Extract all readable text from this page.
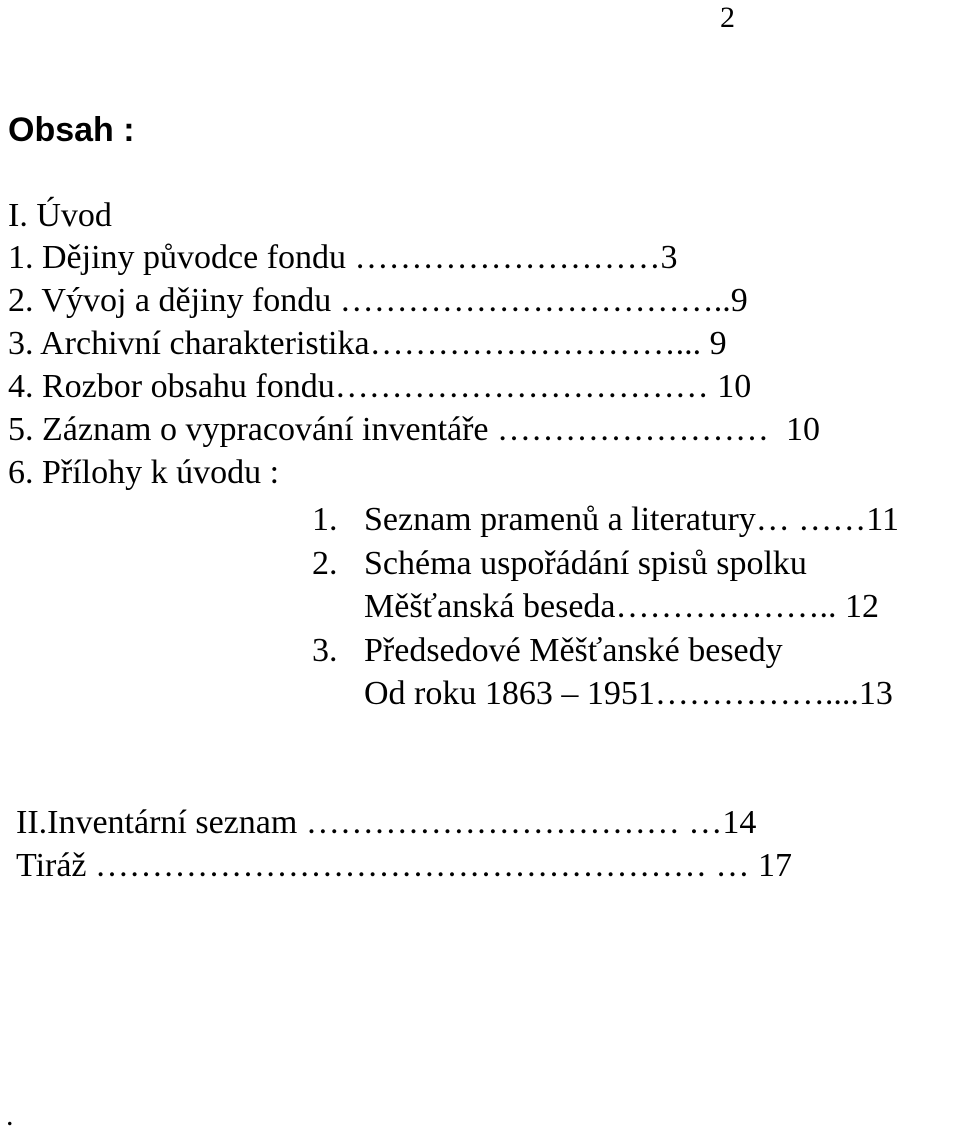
2
Obsah :
I. Úvod
1. Dějiny původce fondu ………………………3
2. Vývoj a dějiny fondu ……………………………..9
3. Archivní charakteristika………………………... 9
4. Rozbor obsahu fondu…………………………… 10
5. Záznam o vypracování inventáře ……………………  10
6. Přílohy k úvodu :
1. Seznam pramenů a literatury… ……11
2. Schéma uspořádání spisů spolku
Měšťanská beseda……………….. 12
3. Předsedové Měšťanské besedy
Od roku 1863 – 1951……………....13
II.Inventární seznam …………………………… …14
Tiráž ……………………………………………… … 17
.
